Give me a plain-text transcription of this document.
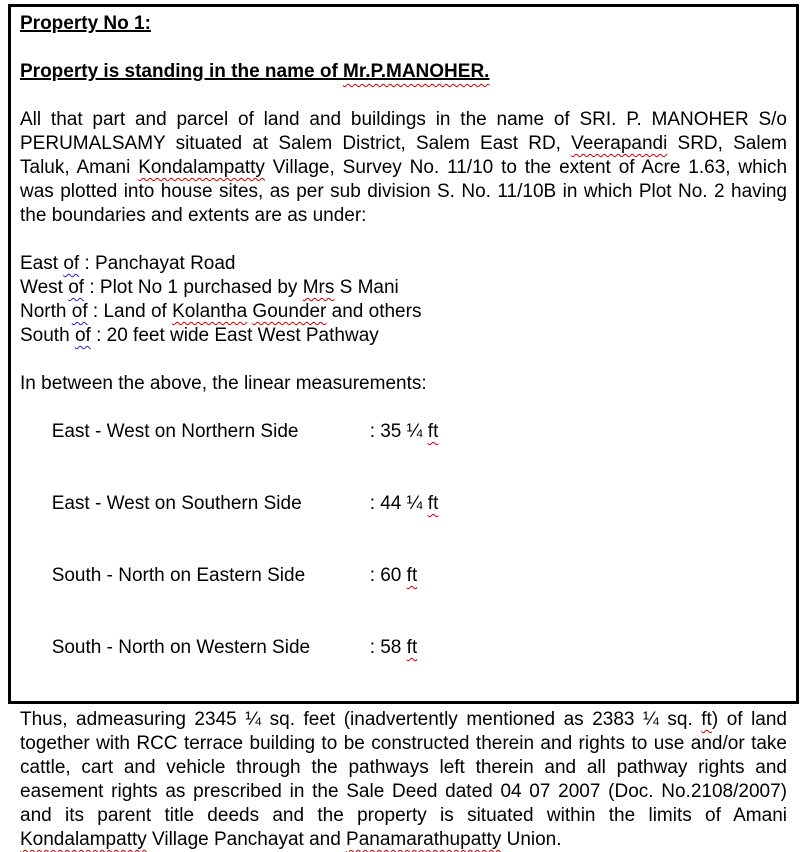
Property No 1:
Property is standing in the name of Mr.P.MANOHER.
All that part and parcel of land and buildings in the name of SRI. P. MANOHER S/o PERUMALSAMY situated at Salem District, Salem East RD, Veerapandi SRD, Salem Taluk, Amani Kondalampatty Village, Survey No. 11/10 to the extent of Acre 1.63, which was plotted into house sites, as per sub division S. No. 11/10B in which Plot No. 2 having the boundaries and extents are as under:
East of : Panchayat Road
West of : Plot No 1 purchased by Mrs S Mani
North of : Land of Kolantha Gounder and others
South of : 20 feet wide East West Pathway
In between the above, the linear measurements:

East - West on Northern Side	: 35 ¼ ft

East - West on Southern Side	: 44 ¼ ft

South - North on Eastern Side	: 60 ft

South - North on Western Side	: 58 ft

Thus, admeasuring 2345 ¼ sq. feet (inadvertently mentioned as 2383 ¼ sq. ft) of land together with RCC terrace building to be constructed therein and rights to use and/or take cattle, cart and vehicle through the pathways left therein and all pathway rights and easement rights as prescribed in the Sale Deed dated 04 07 2007 (Doc. No.2108/2007) and its parent title deeds and the property is situated within the limits of Amani Kondalampatty Village Panchayat and Panamarathupatty Union.
